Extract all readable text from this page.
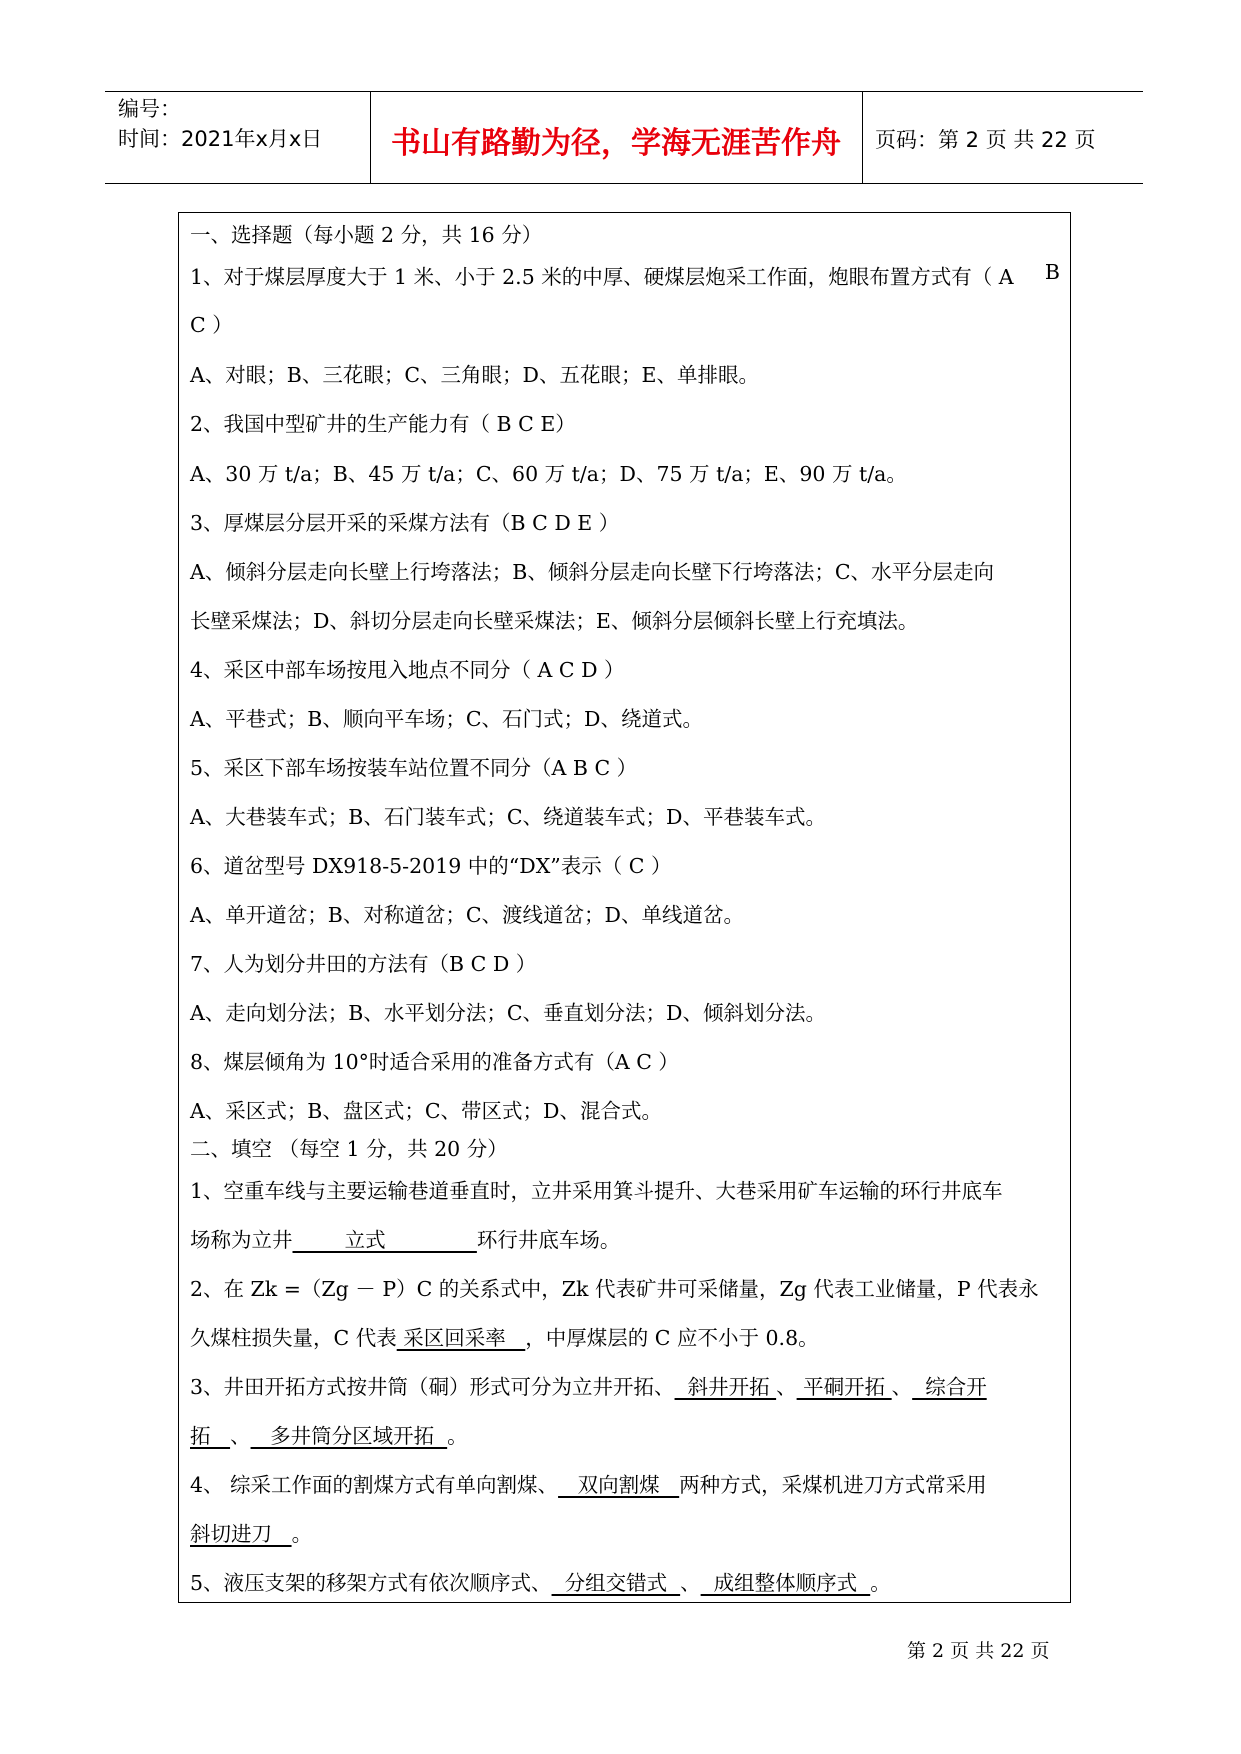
编号：
时间：2021年x月x日	书山有路勤为径，学海无涯苦作舟	页码：第 2 页 共 22 页
一、选择题（每小题 2 分，共 16 分）
1、对于煤层厚度大于 1 米、小于 2.5 米的中厚、硬煤层炮采工作面，炮眼布置方式有（ A B
C ）
A、对眼；B、三花眼；C、三角眼；D、五花眼；E、单排眼。
2、我国中型矿井的生产能力有（ B C E）
A、30 万 t/a；B、45 万 t/a；C、60 万 t/a；D、75 万 t/a；E、90 万 t/a。
3、厚煤层分层开采的采煤方法有（B C D E ）
A、倾斜分层走向长壁上行垮落法；B、倾斜分层走向长壁下行垮落法；C、水平分层走向
长壁采煤法；D、斜切分层走向长壁采煤法；E、倾斜分层倾斜长壁上行充填法。
4、采区中部车场按甩入地点不同分（ A C D ）
A、平巷式；B、顺向平车场；C、石门式；D、绕道式。
5、采区下部车场按装车站位置不同分（A B C ）
A、大巷装车式；B、石门装车式；C、绕道装车式；D、平巷装车式。
6、道岔型号 DX918-5-2019 中的“DX”表示（ C ）
A、单开道岔；B、对称道岔；C、渡线道岔；D、单线道岔。
7、人为划分井田的方法有（B C D ）
A、走向划分法；B、水平划分法；C、垂直划分法；D、倾斜划分法。
8、煤层倾角为 10°时适合采用的准备方式有（A C ）
A、采区式；B、盘区式；C、带区式；D、混合式。
二、填空 （每空 1 分，共 20 分）
1、空重车线与主要运输巷道垂直时，立井采用箕斗提升、大巷采用矿车运输的环行井底车
场称为立井        立式              环行井底车场。
2、在 Zk =（Zg － P）C 的关系式中，Zk 代表矿井可采储量，Zg 代表工业储量，P 代表永
久煤柱损失量，C 代表 采区回采率   ，中厚煤层的 C 应不小于 0.8。
3、井田开拓方式按井筒（硐）形式可分为立井开拓、  斜井开拓 、 平硐开拓 、  综合开
拓   、   多井筒分区域开拓  。
4、 综采工作面的割煤方式有单向割煤、   双向割煤   两种方式，采煤机进刀方式常采用
斜切进刀   。
5、液压支架的移架方式有依次顺序式、  分组交错式  、  成组整体顺序式  。
第 2 页 共 22 页
